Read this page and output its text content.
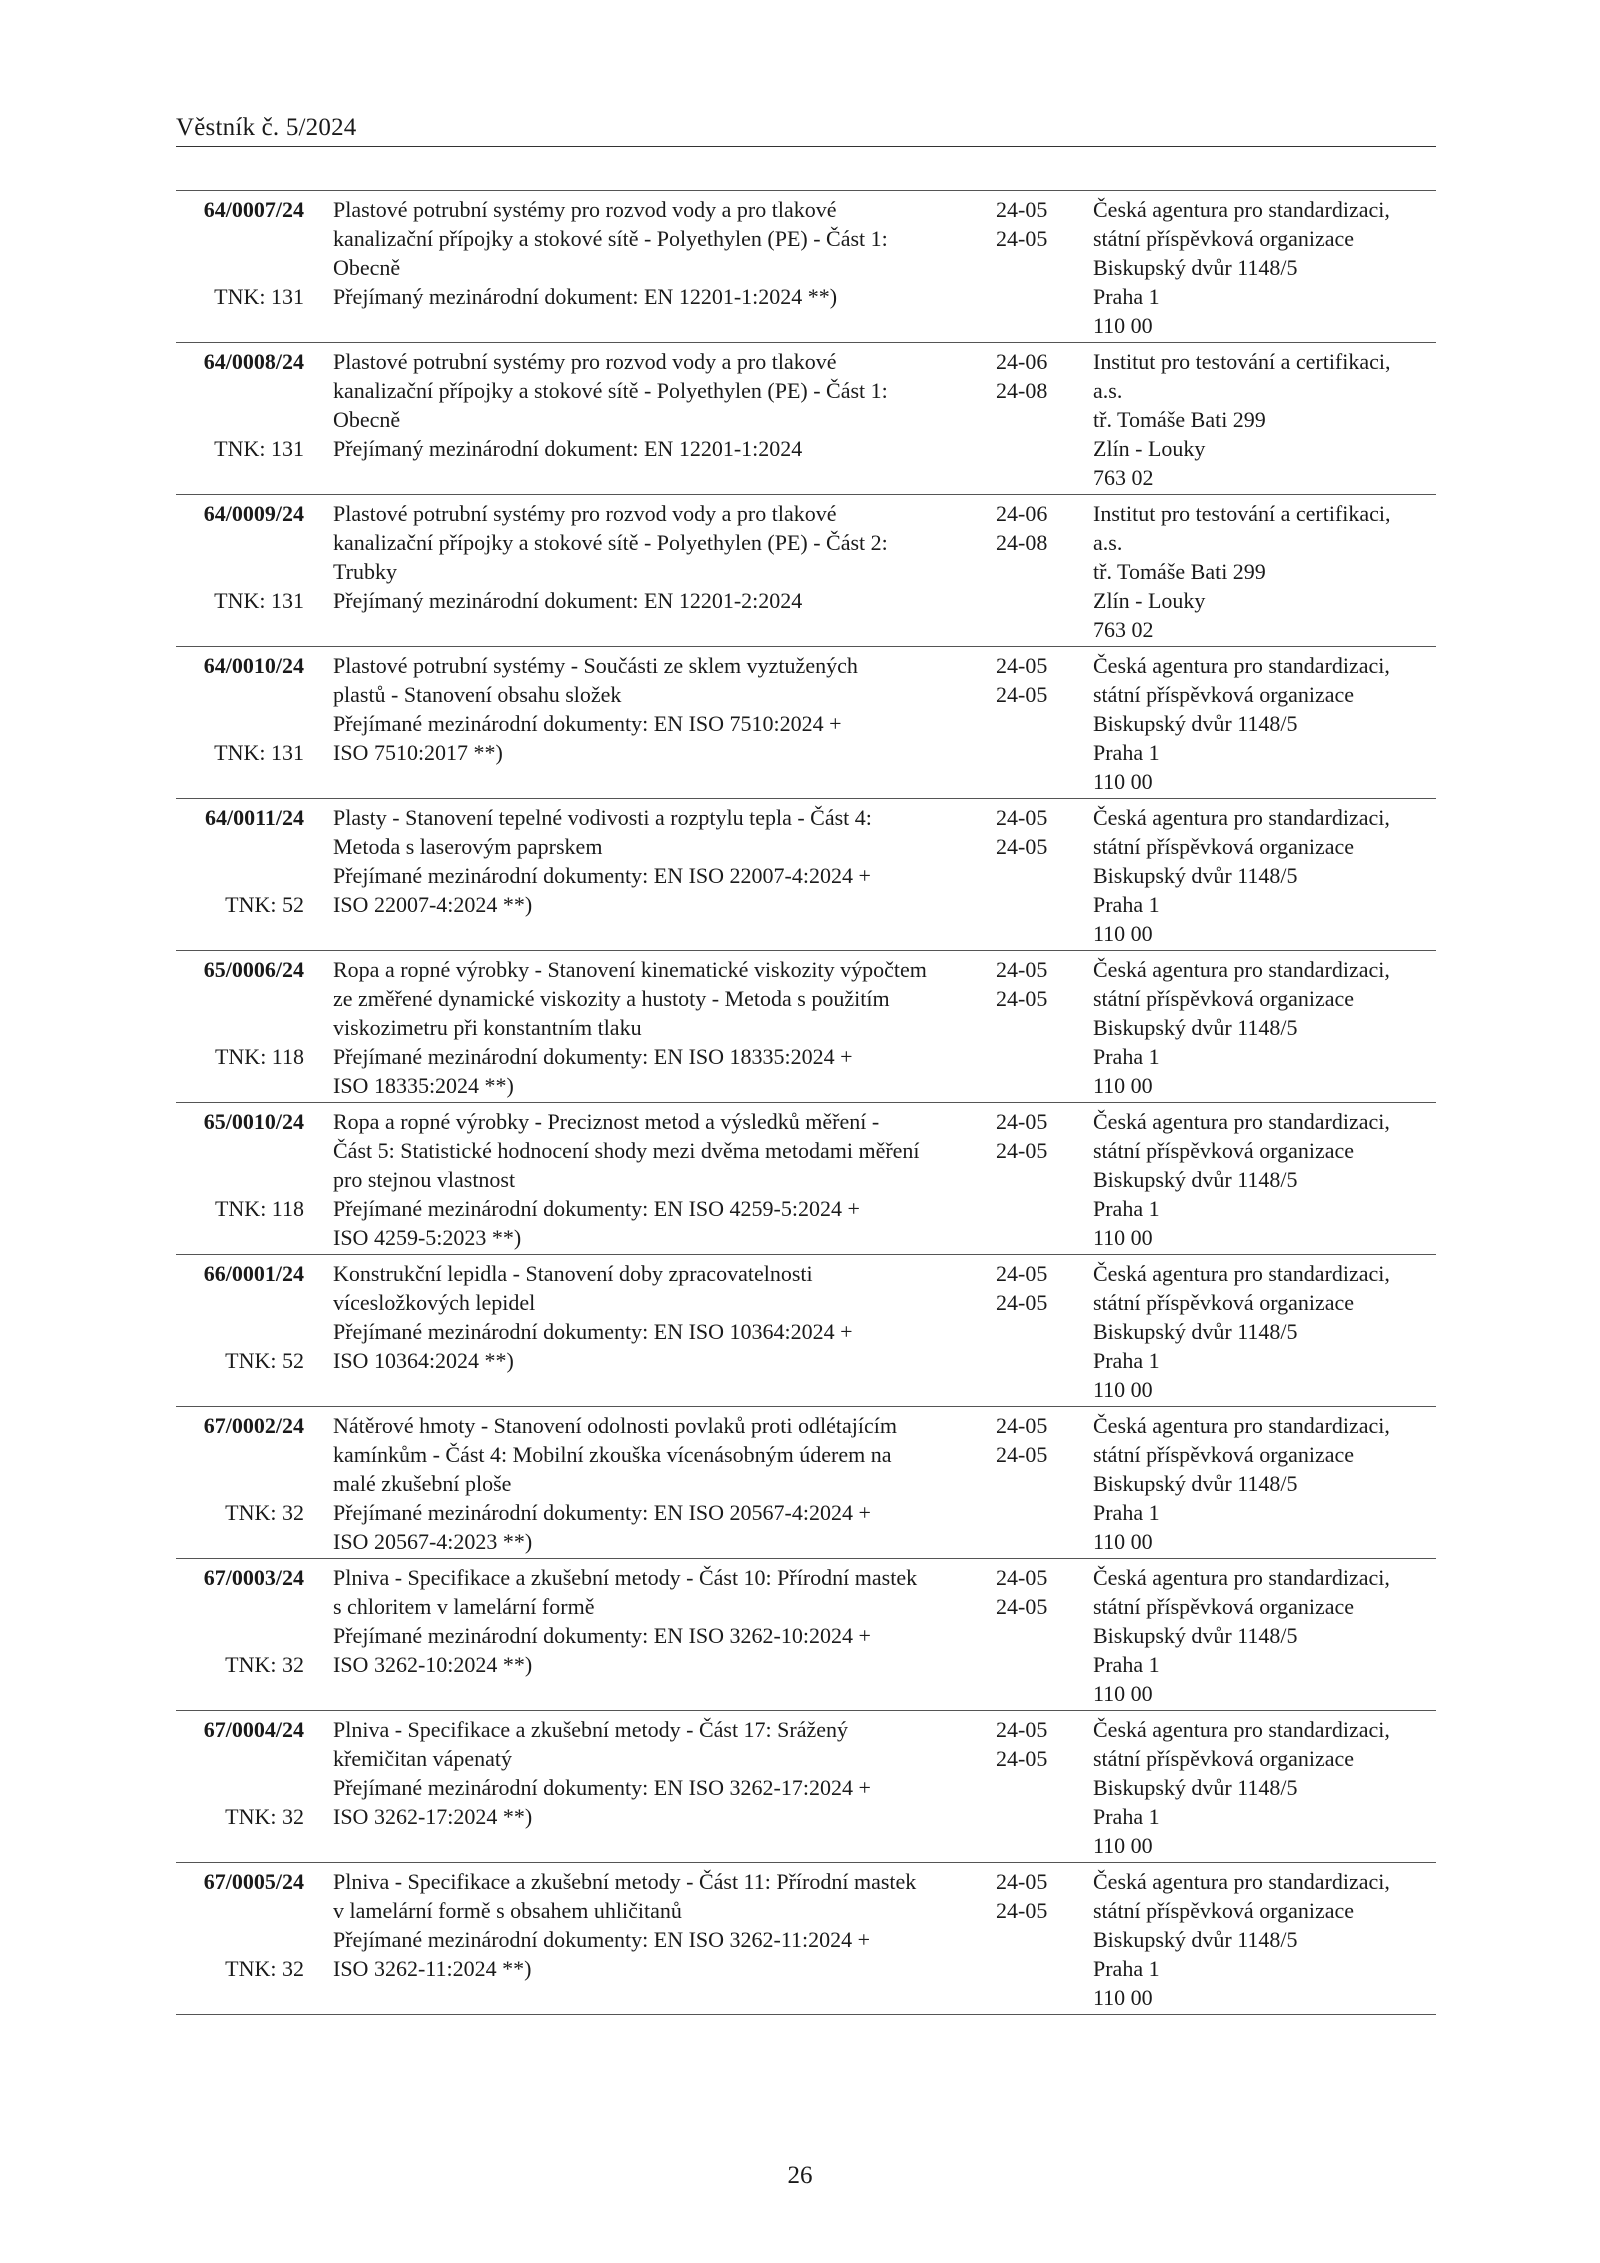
Věstník č. 5/2024
64/0007/24 Plastové potrubní systémy pro rozvod vody a pro tlakové
kanalizační přípojky a stokové sítě - Polyethylen (PE) - Část 1:
Obecně
Přejímaný mezinárodní dokument: EN 12201-1:2024 **)
TNK: 131
24-05
24-05
Česká agentura pro standardizaci,
státní příspěvková organizace
Biskupský dvůr 1148/5
Praha 1
110 00
64/0008/24 Plastové potrubní systémy pro rozvod vody a pro tlakové
kanalizační přípojky a stokové sítě - Polyethylen (PE) - Část 1:
Obecně
Přejímaný mezinárodní dokument: EN 12201-1:2024
TNK: 131
24-06
24-08
Institut pro testování a certifikaci,
a.s.
tř. Tomáše Bati 299
Zlín - Louky
763 02
64/0009/24 Plastové potrubní systémy pro rozvod vody a pro tlakové
kanalizační přípojky a stokové sítě - Polyethylen (PE) - Část 2:
Trubky
Přejímaný mezinárodní dokument: EN 12201-2:2024
TNK: 131
24-06
24-08
Institut pro testování a certifikaci,
a.s.
tř. Tomáše Bati 299
Zlín - Louky
763 02
64/0010/24 Plastové potrubní systémy - Součásti ze sklem vyztužených
plastů - Stanovení obsahu složek
Přejímané mezinárodní dokumenty: EN ISO 7510:2024 +
ISO 7510:2017 **)
TNK: 131
24-05
24-05
Česká agentura pro standardizaci,
státní příspěvková organizace
Biskupský dvůr 1148/5
Praha 1
110 00
64/0011/24 Plasty - Stanovení tepelné vodivosti a rozptylu tepla - Část 4:
Metoda s laserovým paprskem
Přejímané mezinárodní dokumenty: EN ISO 22007-4:2024 +
ISO 22007-4:2024 **)
TNK: 52
24-05
24-05
Česká agentura pro standardizaci,
státní příspěvková organizace
Biskupský dvůr 1148/5
Praha 1
110 00
65/0006/24 Ropa a ropné výrobky - Stanovení kinematické viskozity výpočtem
ze změřené dynamické viskozity a hustoty - Metoda s použitím
viskozimetru při konstantním tlaku
Přejímané mezinárodní dokumenty: EN ISO 18335:2024 +
ISO 18335:2024 **)
TNK: 118
24-05
24-05
Česká agentura pro standardizaci,
státní příspěvková organizace
Biskupský dvůr 1148/5
Praha 1
110 00
65/0010/24 Ropa a ropné výrobky - Preciznost metod a výsledků měření -
Část 5: Statistické hodnocení shody mezi dvěma metodami měření
pro stejnou vlastnost
Přejímané mezinárodní dokumenty: EN ISO 4259-5:2024 +
ISO 4259-5:2023 **)
TNK: 118
24-05
24-05
Česká agentura pro standardizaci,
státní příspěvková organizace
Biskupský dvůr 1148/5
Praha 1
110 00
66/0001/24 Konstrukční lepidla - Stanovení doby zpracovatelnosti
vícesložkových lepidel
Přejímané mezinárodní dokumenty: EN ISO 10364:2024 +
ISO 10364:2024 **)
TNK: 52
24-05
24-05
Česká agentura pro standardizaci,
státní příspěvková organizace
Biskupský dvůr 1148/5
Praha 1
110 00
67/0002/24 Nátěrové hmoty - Stanovení odolnosti povlaků proti odlétajícím
kamínkům - Část 4: Mobilní zkouška vícenásobným úderem na
malé zkušební ploše
Přejímané mezinárodní dokumenty: EN ISO 20567-4:2024 +
ISO 20567-4:2023 **)
TNK: 32
24-05
24-05
Česká agentura pro standardizaci,
státní příspěvková organizace
Biskupský dvůr 1148/5
Praha 1
110 00
67/0003/24 Plniva - Specifikace a zkušební metody - Část 10: Přírodní mastek
s chloritem v lamelární formě
Přejímané mezinárodní dokumenty: EN ISO 3262-10:2024 +
ISO 3262-10:2024 **)
TNK: 32
24-05
24-05
Česká agentura pro standardizaci,
státní příspěvková organizace
Biskupský dvůr 1148/5
Praha 1
110 00
67/0004/24 Plniva - Specifikace a zkušební metody - Část 17: Srážený
křemičitan vápenatý
Přejímané mezinárodní dokumenty: EN ISO 3262-17:2024 +
ISO 3262-17:2024 **)
TNK: 32
24-05
24-05
Česká agentura pro standardizaci,
státní příspěvková organizace
Biskupský dvůr 1148/5
Praha 1
110 00
67/0005/24 Plniva - Specifikace a zkušební metody - Část 11: Přírodní mastek
v lamelární formě s obsahem uhličitanů
Přejímané mezinárodní dokumenty: EN ISO 3262-11:2024 +
ISO 3262-11:2024 **)
TNK: 32
24-05
24-05
Česká agentura pro standardizaci,
státní příspěvková organizace
Biskupský dvůr 1148/5
Praha 1
110 00
26
